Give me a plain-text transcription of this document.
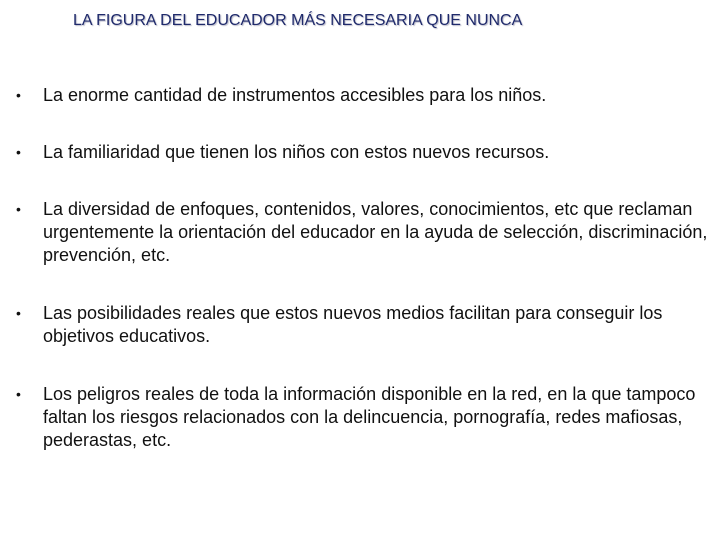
LA FIGURA DEL EDUCADOR MÁS NECESARIA QUE NUNCA
•	La enorme cantidad de instrumentos accesibles para los niños.
•	La familiaridad que tienen los niños con estos nuevos recursos.
•	La diversidad de enfoques, contenidos, valores, conocimientos, etc que reclaman urgentemente la orientación del educador en la ayuda de selección, discriminación, prevención, etc.
•	Las posibilidades reales que estos nuevos medios facilitan para conseguir los objetivos educativos.
•	Los peligros reales de toda la información disponible en la red, en la que tampoco faltan los riesgos relacionados con la delincuencia, pornografía, redes mafiosas, pederastas, etc.
